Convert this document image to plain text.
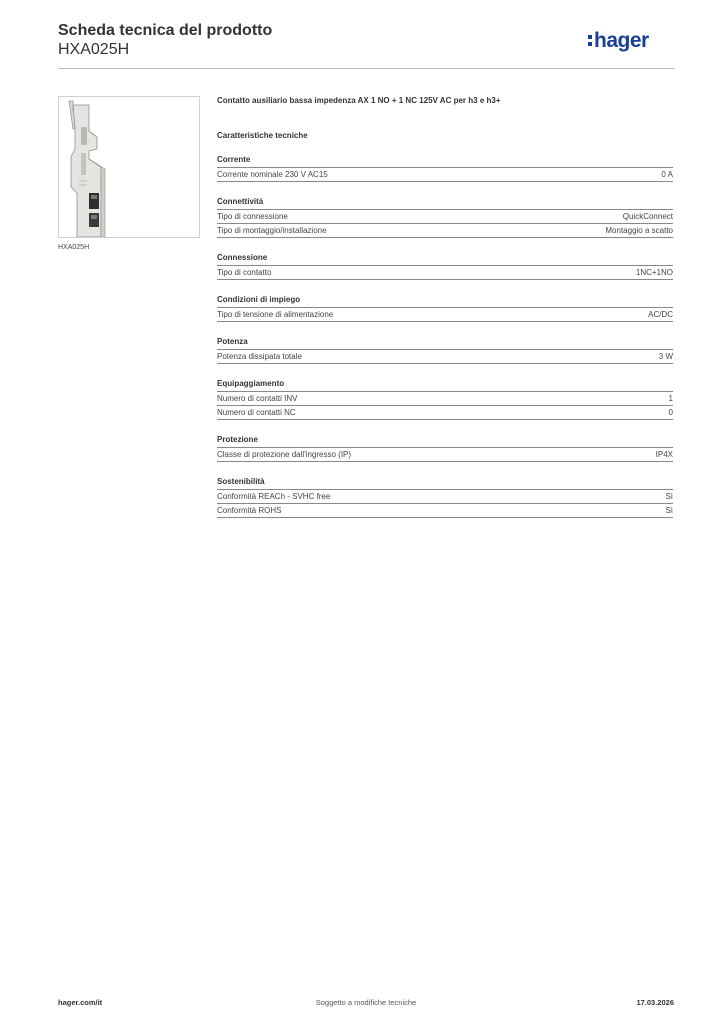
Scheda tecnica del prodotto
HXA025H	hager
HXA025H
Contatto ausiliario bassa impedenza AX 1 NO + 1 NC 125V AC per h3 e h3+
Caratteristiche tecniche
Corrente
Corrente nominale 230 V AC15	0 A
Connettività
Tipo di connessione	QuickConnect
Tipo di montaggio/installazione	Montaggio a scatto
Connessione
Tipo di contatto	1NC+1NO
Condizioni di impiego
Tipo di tensione di alimentazione	AC/DC
Potenza
Potenza dissipata totale	3 W
Equipaggiamento
Numero di contatti INV	1
Numero di contatti NC	0
Protezione
Classe di protezione dall'ingresso (IP)	IP4X
Sostenibilità
Conformità REACh - SVHC free	Sì
Conformità ROHS	Sì
hager.com/it	Soggetto a modifiche tecniche	17.03.2026
